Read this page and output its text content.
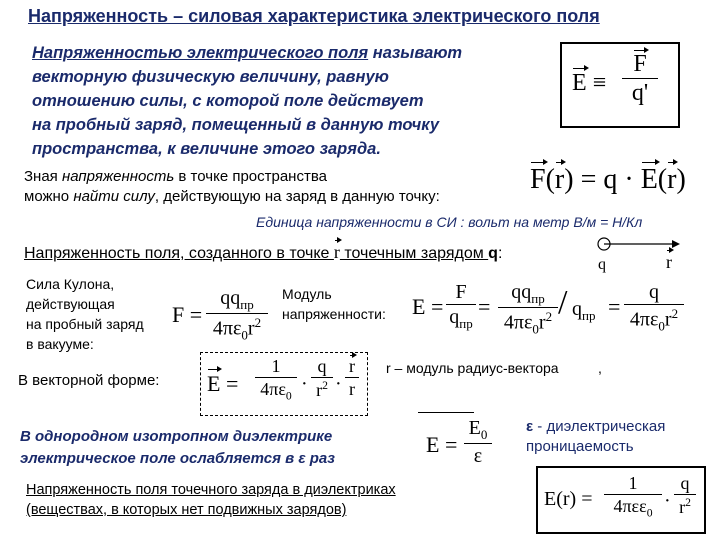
Напряженность – силовая характеристика электрического поля
Напряженностью электрического поля называют
векторную физическую величину, равную
отношению силы, с которой поле действует
на пробный заряд, помещенный в данную точку
пространства, к величине этого заряда.
E ≡
F
q'
Зная напряженность в точке пространства
можно найти силу, действующую на заряд в данную точку:
F(r) = q · E(r)
Единица напряженности в СИ : вольт на метр В/м = Н/Кл
Напряженность поля, созданного в точке r точечным зарядом q:
q	r
Сила Кулона,
действующая
на пробный заряд
в вакууме:
F =
$qq_{пр}$
$4\pi\varepsilon_0r^2$
Модуль
напряженности: E =
F
$q_{пр}$
=
$qq_{пр}$
$4\pi\varepsilon_0r^2 / q_{пр}$ =
q
$4\pi\varepsilon_0r^2$
В векторной форме: E =
1
$4\pi\varepsilon_0$
·
q
$r^2$ ·
r
r
r – модуль радиус-вектора	,
В однородном изотропном диэлектрике
электрическое поле ослабляется в ε раз
E =
$E_0$
ε
ε - диэлектрическая
проницаемость
Напряженность поля точечного заряда в диэлектриках
(веществах, в которых нет подвижных зарядов)	E(r) =
1
4πεε$_0$
·
q
$r^2$
